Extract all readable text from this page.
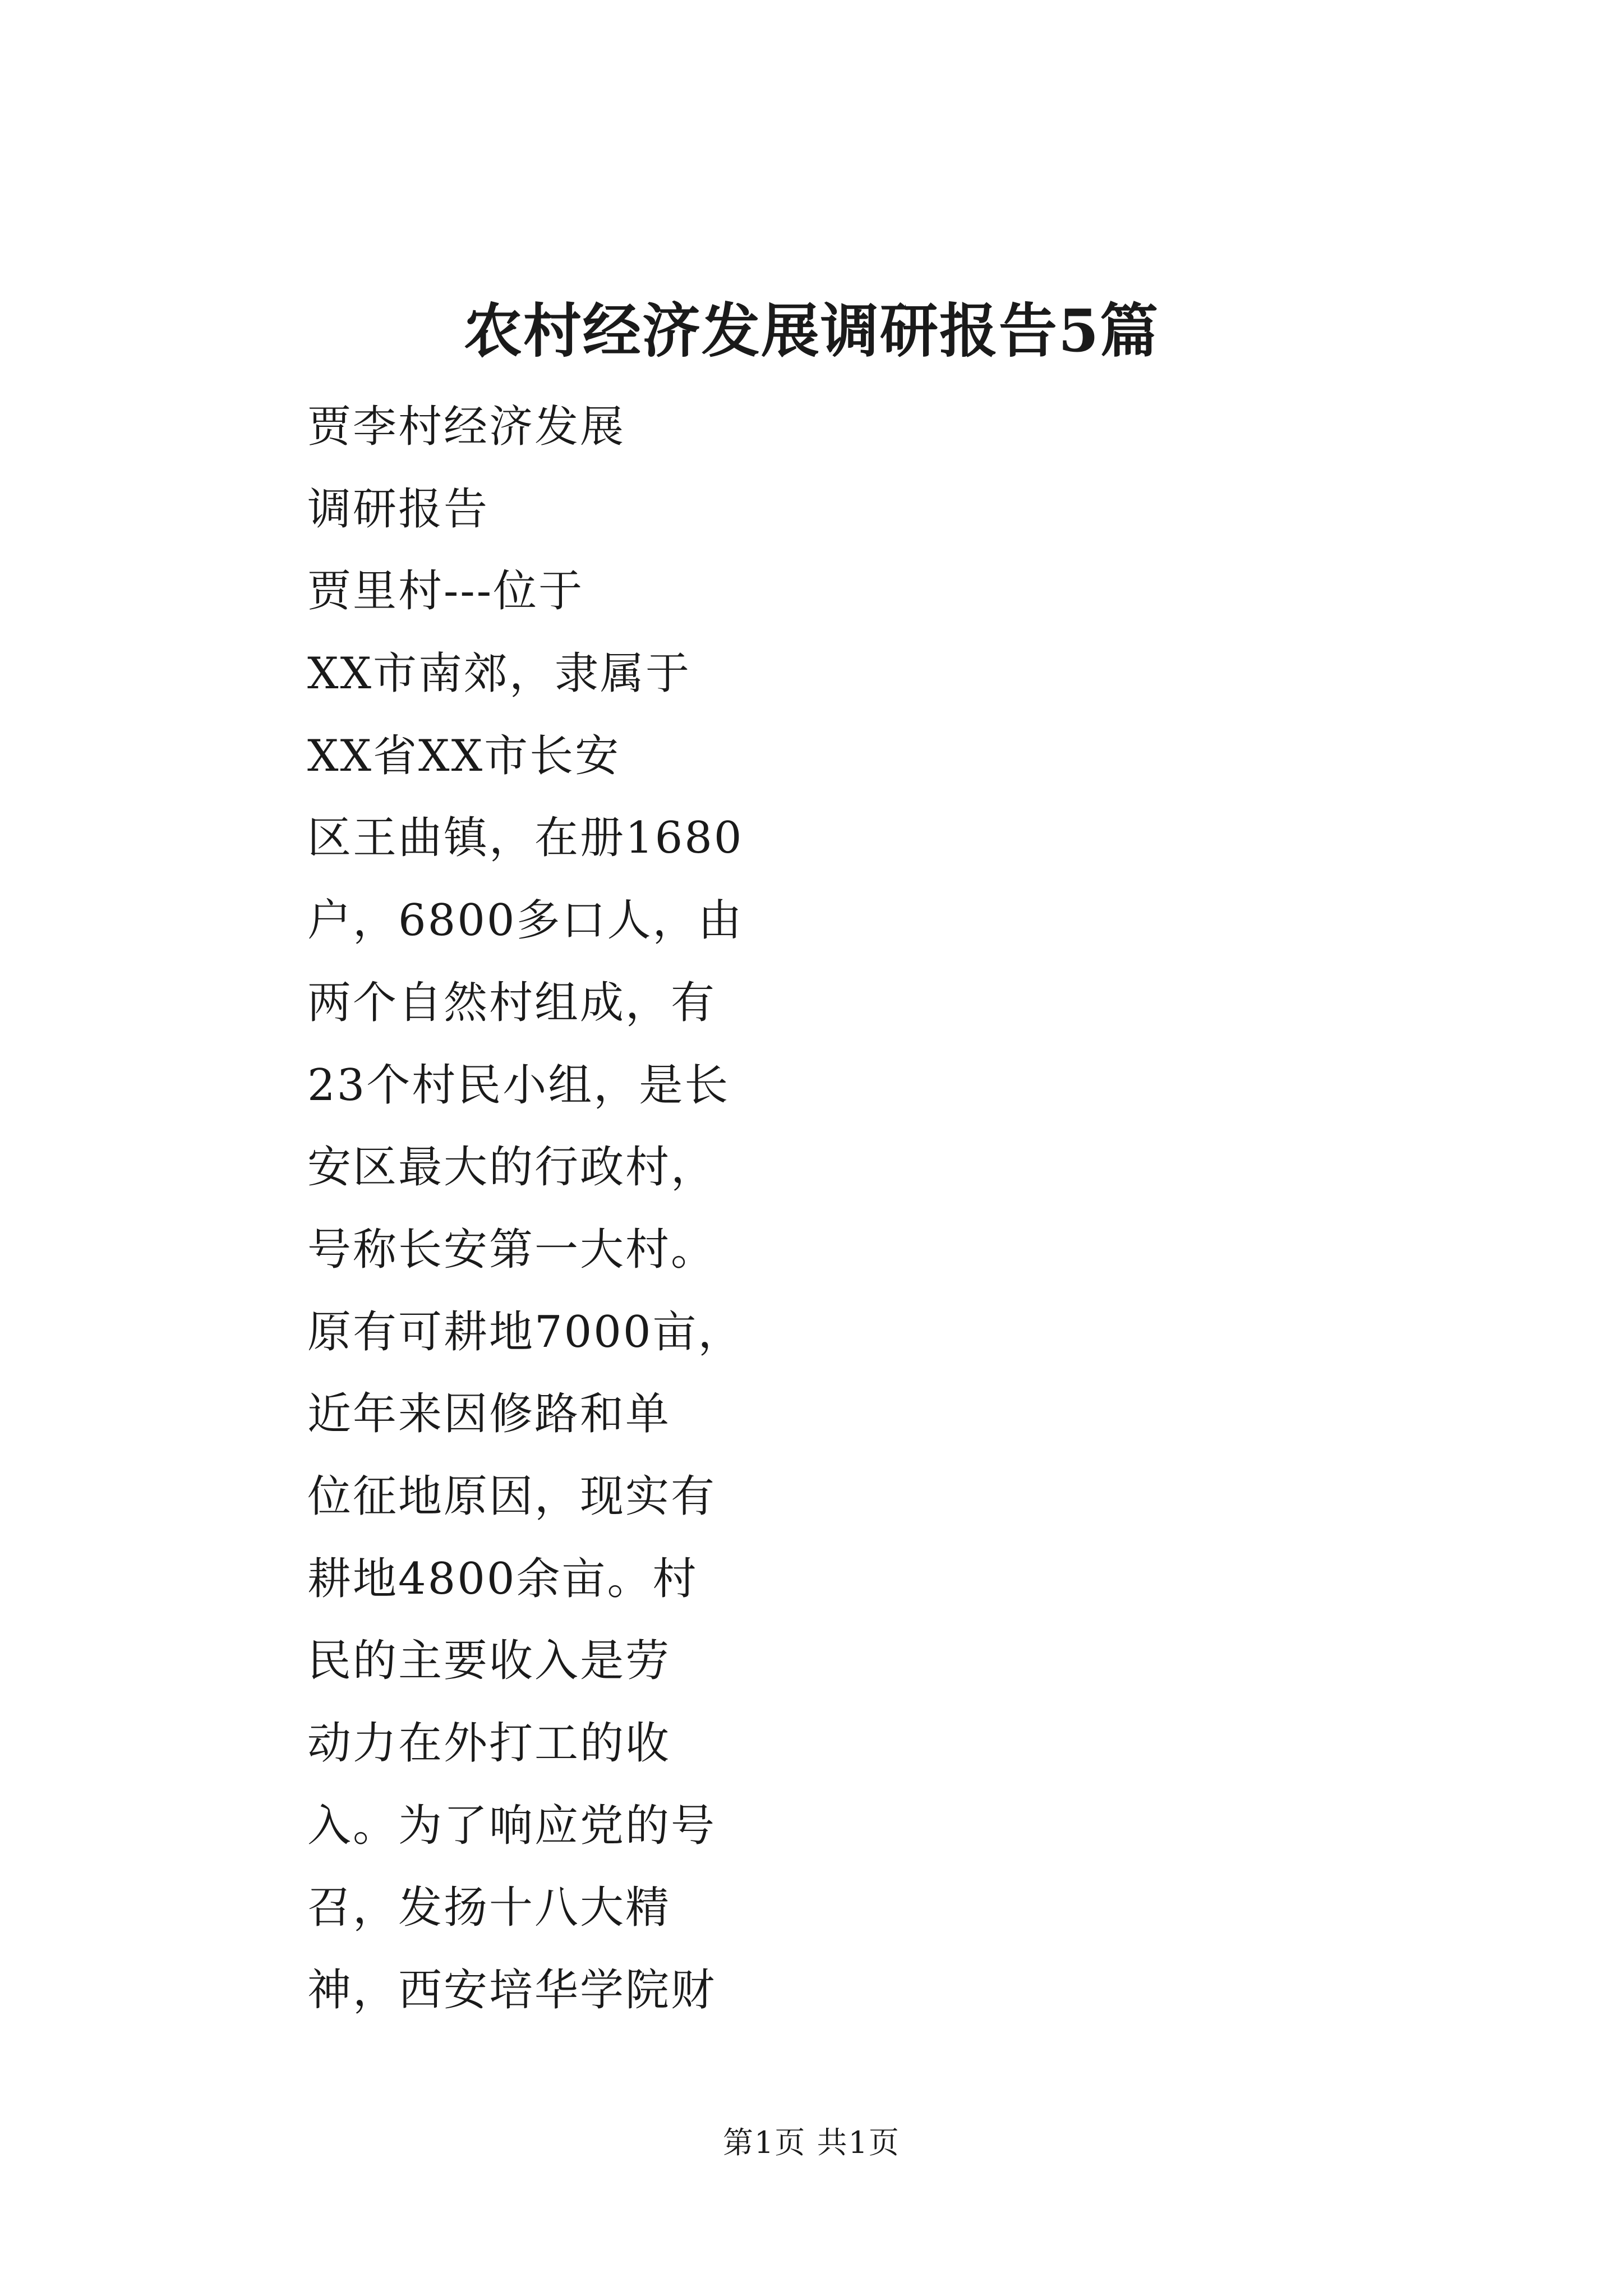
农村经济发展调研报告5篇
贾李村经济发展
调研报告
贾里村---位于
XX市南郊，隶属于
XX省XX市长安
区王曲镇，在册1680
户，6800多口人，由
两个自然村组成，有
23个村民小组，是长
安区最大的行政村，
号称长安第一大村。
原有可耕地7000亩，
近年来因修路和单
位征地原因，现实有
耕地4800余亩。村
民的主要收入是劳
动力在外打工的收
入。为了响应党的号
召，发扬十八大精
神，西安培华学院财
第1页 共1页
